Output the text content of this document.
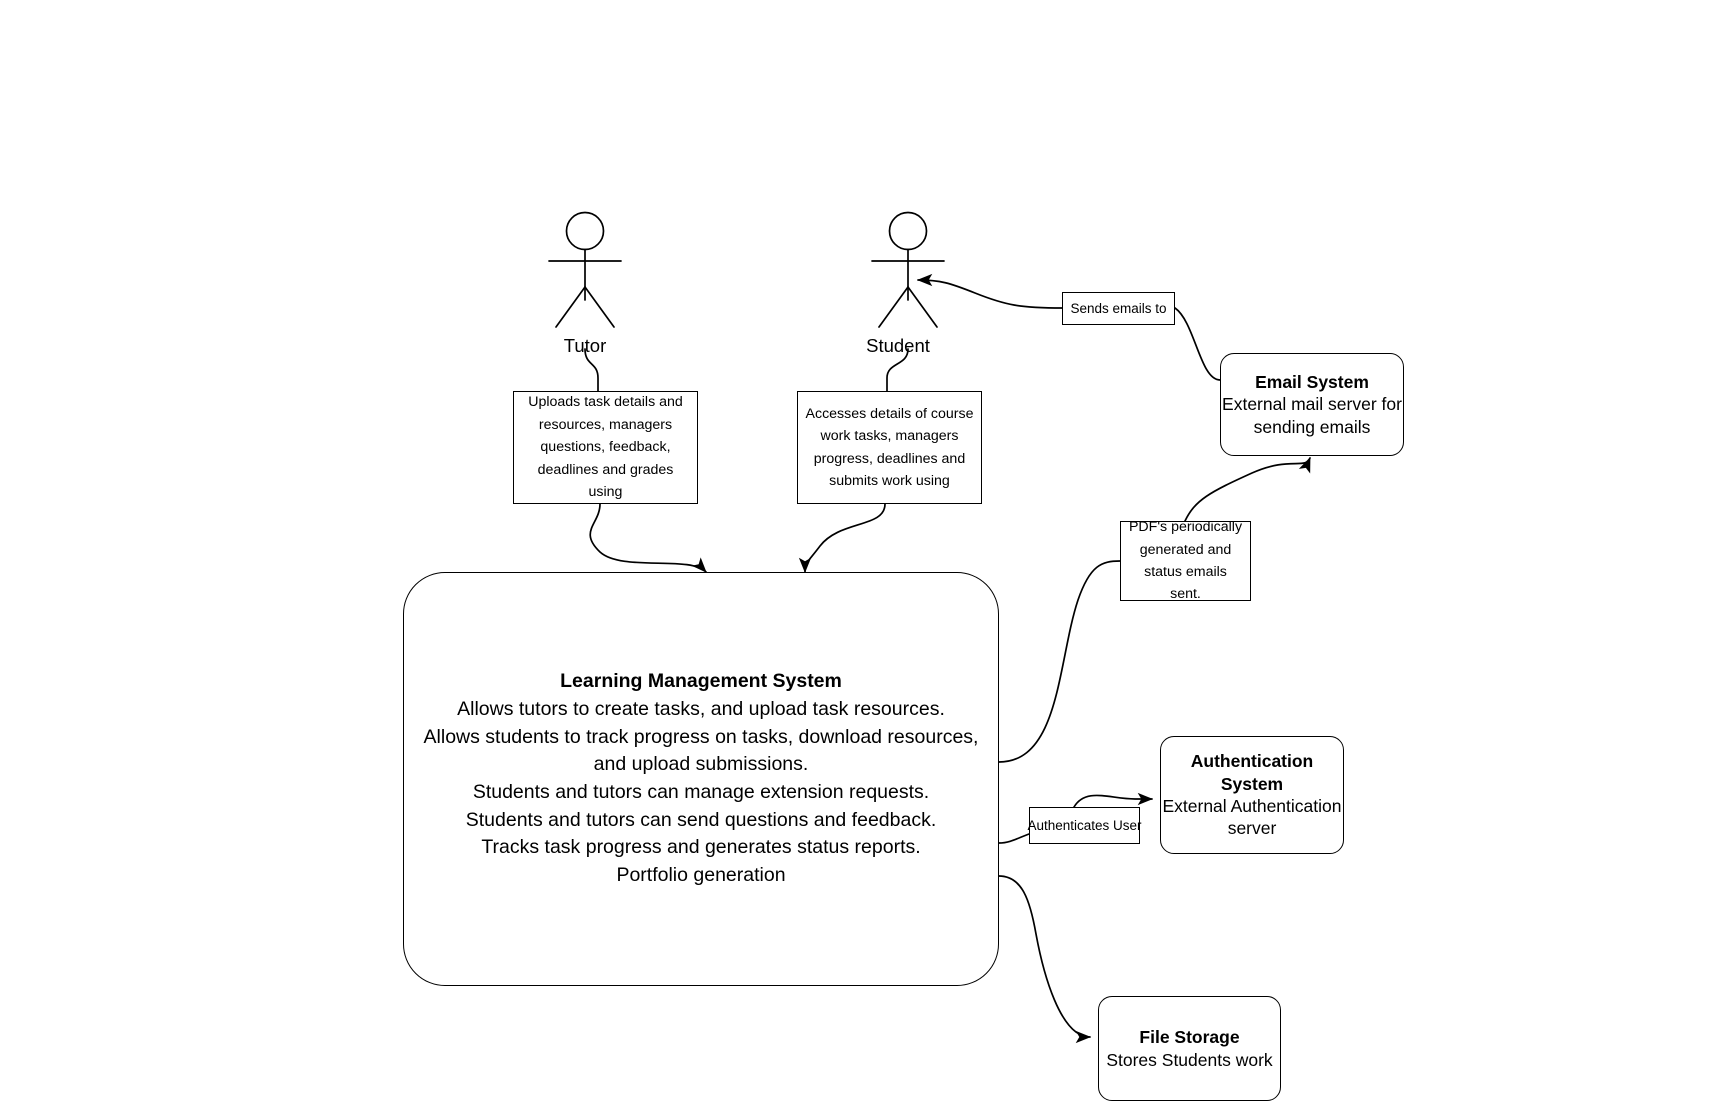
Tutor	Student
Uploads task details and resources, managers questions, feedback, deadlines and grades using
Accesses details of course work tasks, managers progress, deadlines and submits work using
PDF's periodically generated and status emails sent.
Sends emails to
Authenticates User
Learning Management System
Allows tutors to create tasks, and upload task resources.
Allows students to track progress on tasks, download resources, and upload submissions.
Students and tutors can manage extension requests.
Students and tutors can send questions and feedback.
Tracks task progress and generates status reports.
Portfolio generation
Email System
External mail server for sending emails
Authentication System
External Authentication server
File Storage
Stores Students work
